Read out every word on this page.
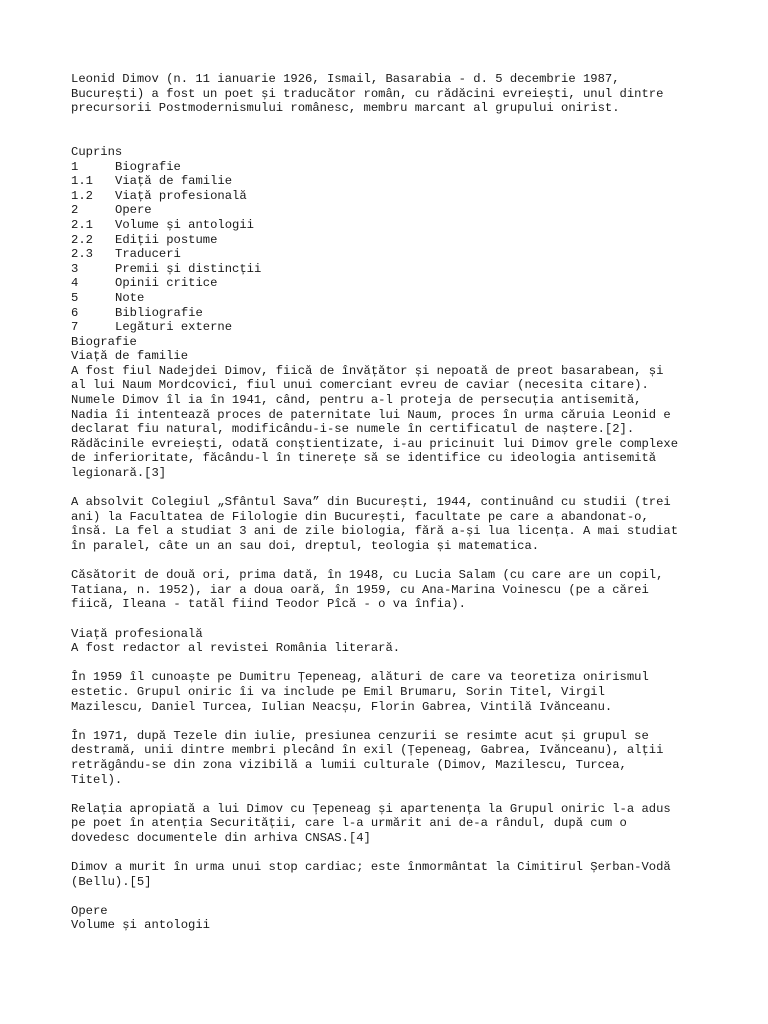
Leonid Dimov (n. 11 ianuarie 1926, Ismail, Basarabia - d. 5 decembrie 1987,
București) a fost un poet și traducător român, cu rădăcini evreiești, unul dintre
precursorii Postmodernismului românesc, membru marcant al grupului onirist.
Cuprins
1	Biografie
1.1 Viață de familie
1.2 Viață profesională
2	Opere
2.1 Volume și antologii
2.2 Ediții postume
2.3 Traduceri
3	Premii și distincții
4	Opinii critice
5	Note
6	Bibliografie
7	Legături externe
Biografie
Viață de familie
A fost fiul Nadejdei Dimov, fiică de învățător și nepoată de preot basarabean, și
al lui Naum Mordcovici, fiul unui comerciant evreu de caviar (necesita citare).
Numele Dimov îl ia în 1941, când, pentru a-l proteja de persecuția antisemită,
Nadia îi intentează proces de paternitate lui Naum, proces în urma căruia Leonid e
declarat fiu natural, modificându-i-se numele în certificatul de naștere.[2].
Rădăcinile evreiești, odată conștientizate, i-au pricinuit lui Dimov grele complexe
de inferioritate, făcându-l în tinerețe să se identifice cu ideologia antisemită
legionară.[3]
A absolvit Colegiul „Sfântul Sava” din București, 1944, continuând cu studii (trei
ani) la Facultatea de Filologie din București, facultate pe care a abandonat-o,
însă. La fel a studiat 3 ani de zile biologia, fără a-și lua licența. A mai studiat
în paralel, câte un an sau doi, dreptul, teologia și matematica.
Căsătorit de două ori, prima dată, în 1948, cu Lucia Salam (cu care are un copil,
Tatiana, n. 1952), iar a doua oară, în 1959, cu Ana-Marina Voinescu (pe a cărei
fiică, Ileana - tatăl fiind Teodor Pîcă - o va înfia).
Viață profesională
A fost redactor al revistei România literară.
În 1959 îl cunoaște pe Dumitru Țepeneag, alături de care va teoretiza onirismul
estetic. Grupul oniric îi va include pe Emil Brumaru, Sorin Titel, Virgil
Mazilescu, Daniel Turcea, Iulian Neacșu, Florin Gabrea, Vintilă Ivănceanu.
În 1971, după Tezele din iulie, presiunea cenzurii se resimte acut și grupul se
destramă, unii dintre membri plecând în exil (Țepeneag, Gabrea, Ivănceanu), alții
retrăgându-se din zona vizibilă a lumii culturale (Dimov, Mazilescu, Turcea,
Titel).
Relația apropiată a lui Dimov cu Țepeneag și apartenența la Grupul oniric l-a adus
pe poet în atenția Securității, care l-a urmărit ani de-a rândul, după cum o
dovedesc documentele din arhiva CNSAS.[4]
Dimov a murit în urma unui stop cardiac; este înmormântat la Cimitirul Șerban-Vodă
(Bellu).[5]
Opere
Volume și antologii
